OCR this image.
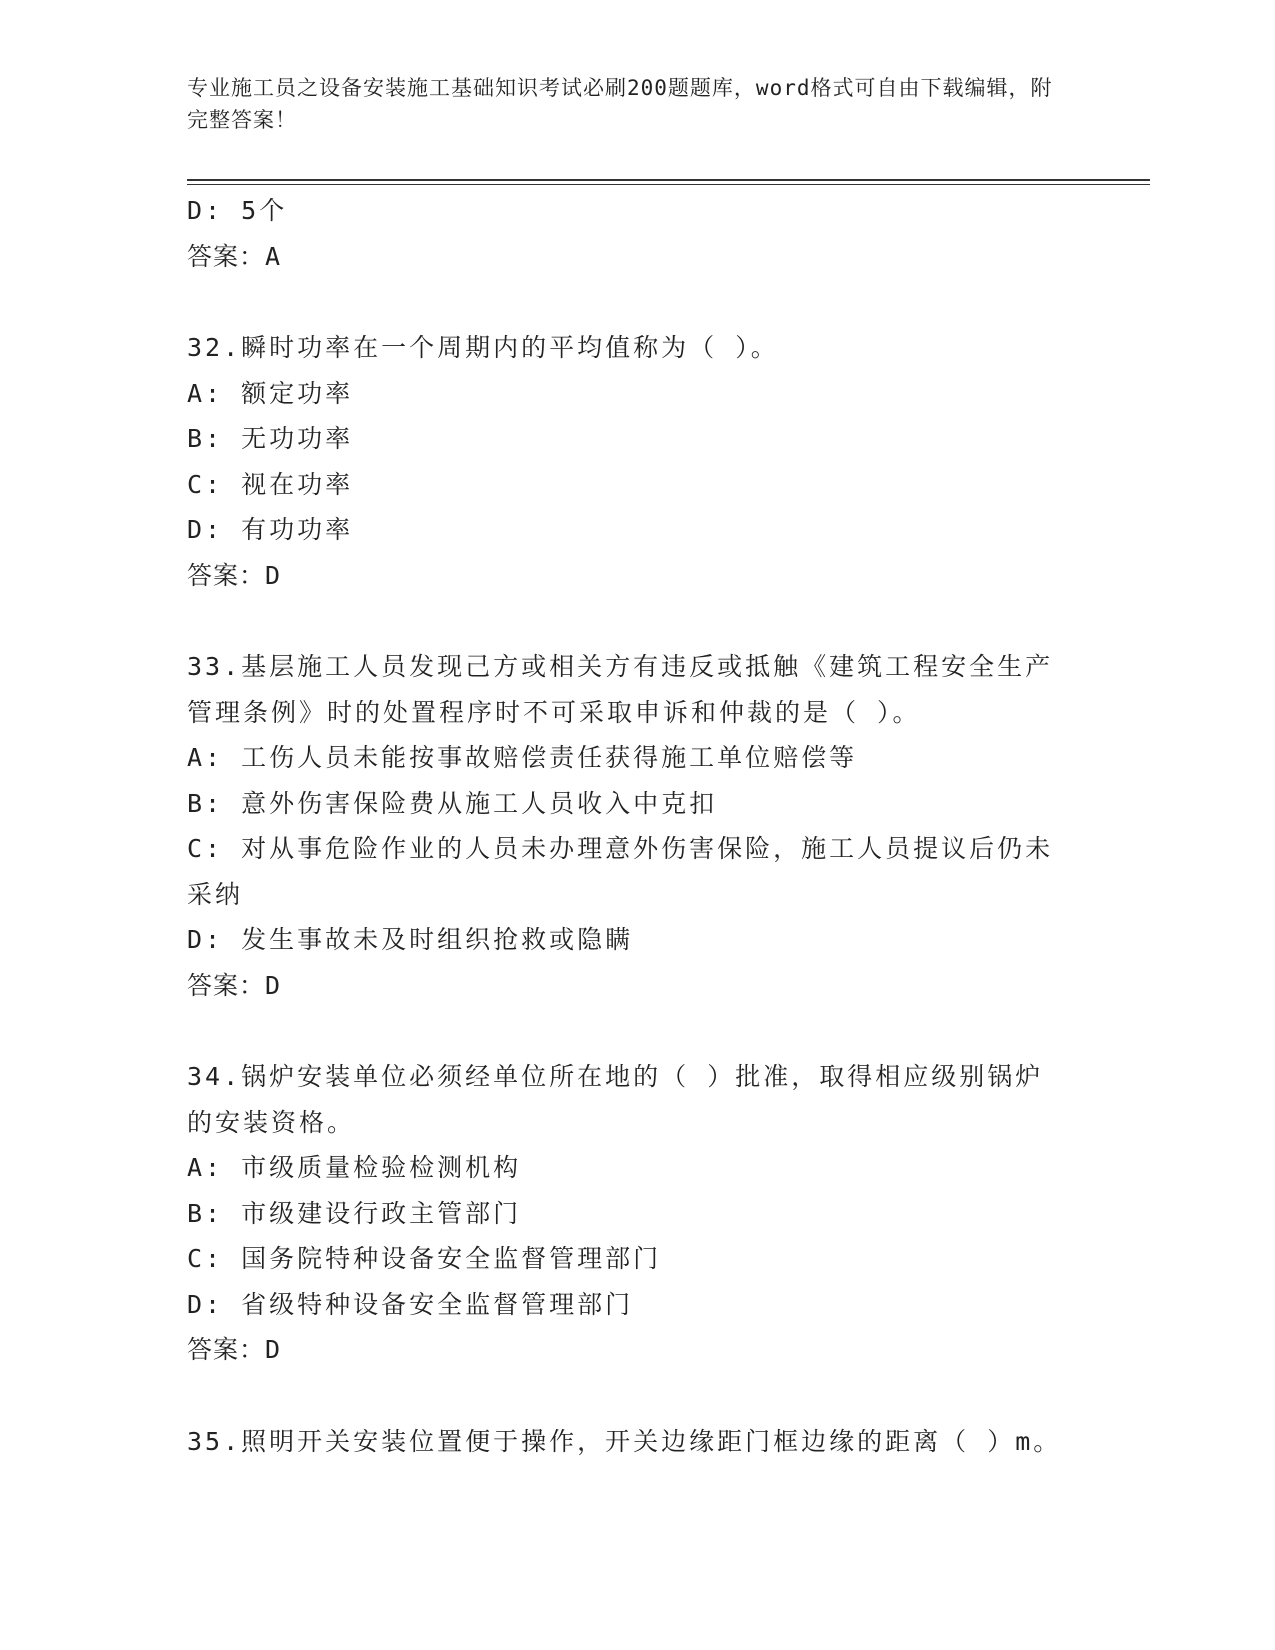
专业施工员之设备安装施工基础知识考试必刷200题题库，word格式可自由下载编辑，附完整答案！
D: 5个
答案：A
32.瞬时功率在一个周期内的平均值称为（ ）。
A: 额定功率
B: 无功功率
C: 视在功率
D: 有功功率
答案：D
33.基层施工人员发现己方或相关方有违反或抵触《建筑工程安全生产管理条例》时的处置程序时不可采取申诉和仲裁的是（ ）。
A: 工伤人员未能按事故赔偿责任获得施工单位赔偿等
B: 意外伤害保险费从施工人员收入中克扣
C: 对从事危险作业的人员未办理意外伤害保险，施工人员提议后仍未采纳
D: 发生事故未及时组织抢救或隐瞒
答案：D
34.锅炉安装单位必须经单位所在地的（ ）批准，取得相应级别锅炉的安装资格。
A: 市级质量检验检测机构
B: 市级建设行政主管部门
C: 国务院特种设备安全监督管理部门
D: 省级特种设备安全监督管理部门
答案：D
35.照明开关安装位置便于操作，开关边缘距门框边缘的距离（ ）m。
